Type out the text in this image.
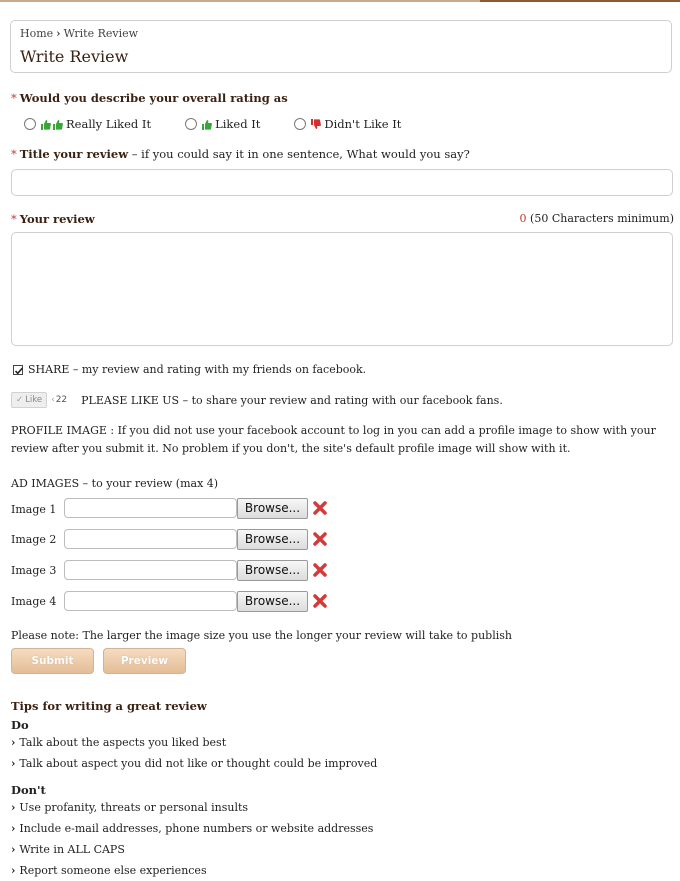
Home › Write Review
Write Review
* Would you describe your overall rating as
Really Liked It	Liked It	Didn't Like It
* Title your review – if you could say it in one sentence, What would you say?
* Your review	0 (50 Characters minimum)
SHARE – my review and rating with my friends on facebook.
✓ Like
‹	22 PLEASE LIKE US – to share your review and rating with our facebook fans.
PROFILE IMAGE : If you did not use your facebook account to log in you can add a profile image to show with your review after you submit it. No problem if you don't, the site's default profile image will show with it.
AD IMAGES – to your review (max 4)
Image 1	Browse...
Image 2	Browse...
Image 3	Browse...
Image 4	Browse...
Please note: The larger the image size you use the longer your review will take to publish
Submit	Preview
Tips for writing a great review
Do
› Talk about the aspects you liked best
› Talk about aspect you did not like or thought could be improved
Don't
› Use profanity, threats or personal insults
› Include e-mail addresses, phone numbers or website addresses
› Write in ALL CAPS
› Report someone else experiences
